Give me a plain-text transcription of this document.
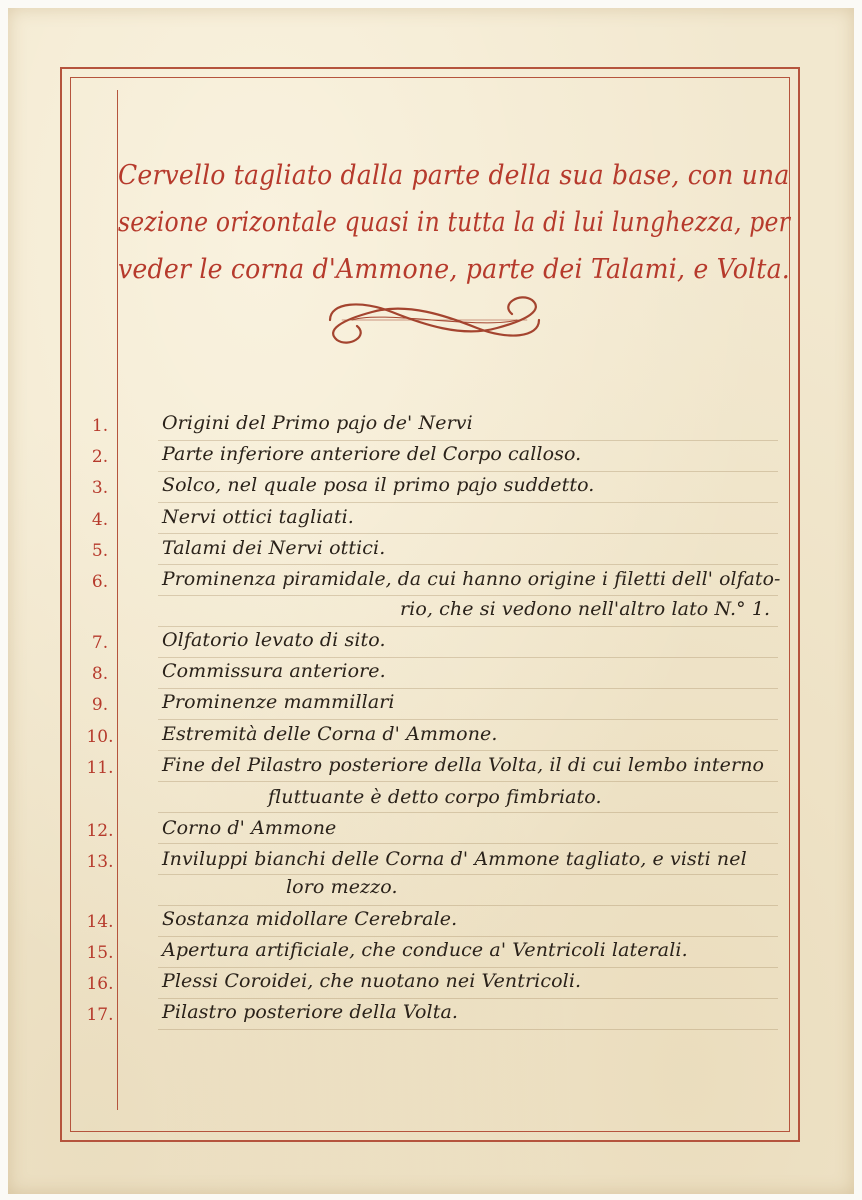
Cervello tagliato dalla parte della sua base, con una
sezione orizontale quasi in tutta la di lui lunghezza, per
veder le corna d'Ammone, parte dei Talami, e Volta.
1.	Origini del Primo pajo de' Nervi
2.	Parte inferiore anteriore del Corpo calloso.
3.	Solco, nel quale posa il primo pajo suddetto.
4.	Nervi ottici tagliati.
5.	Talami dei Nervi ottici.
6.	Prominenza piramidale, da cui hanno origine i filetti dell' olfato-
rio, che si vedono nell'altro lato N.° 1.
7.	Olfatorio levato di sito.
8.	Commissura anteriore.
9.	Prominenze mammillari
10.	Estremità delle Corna d' Ammone.
11.	Fine del Pilastro posteriore della Volta, il di cui lembo interno
fluttuante è detto corpo fimbriato.
12.	Corno d' Ammone
13.	Inviluppi bianchi delle Corna d' Ammone tagliato, e visti nel
loro mezzo.
14.	Sostanza midollare Cerebrale.
15.	Apertura artificiale, che conduce a' Ventricoli laterali.
16.	Plessi Coroidei, che nuotano nei Ventricoli.
17.	Pilastro posteriore della Volta.
